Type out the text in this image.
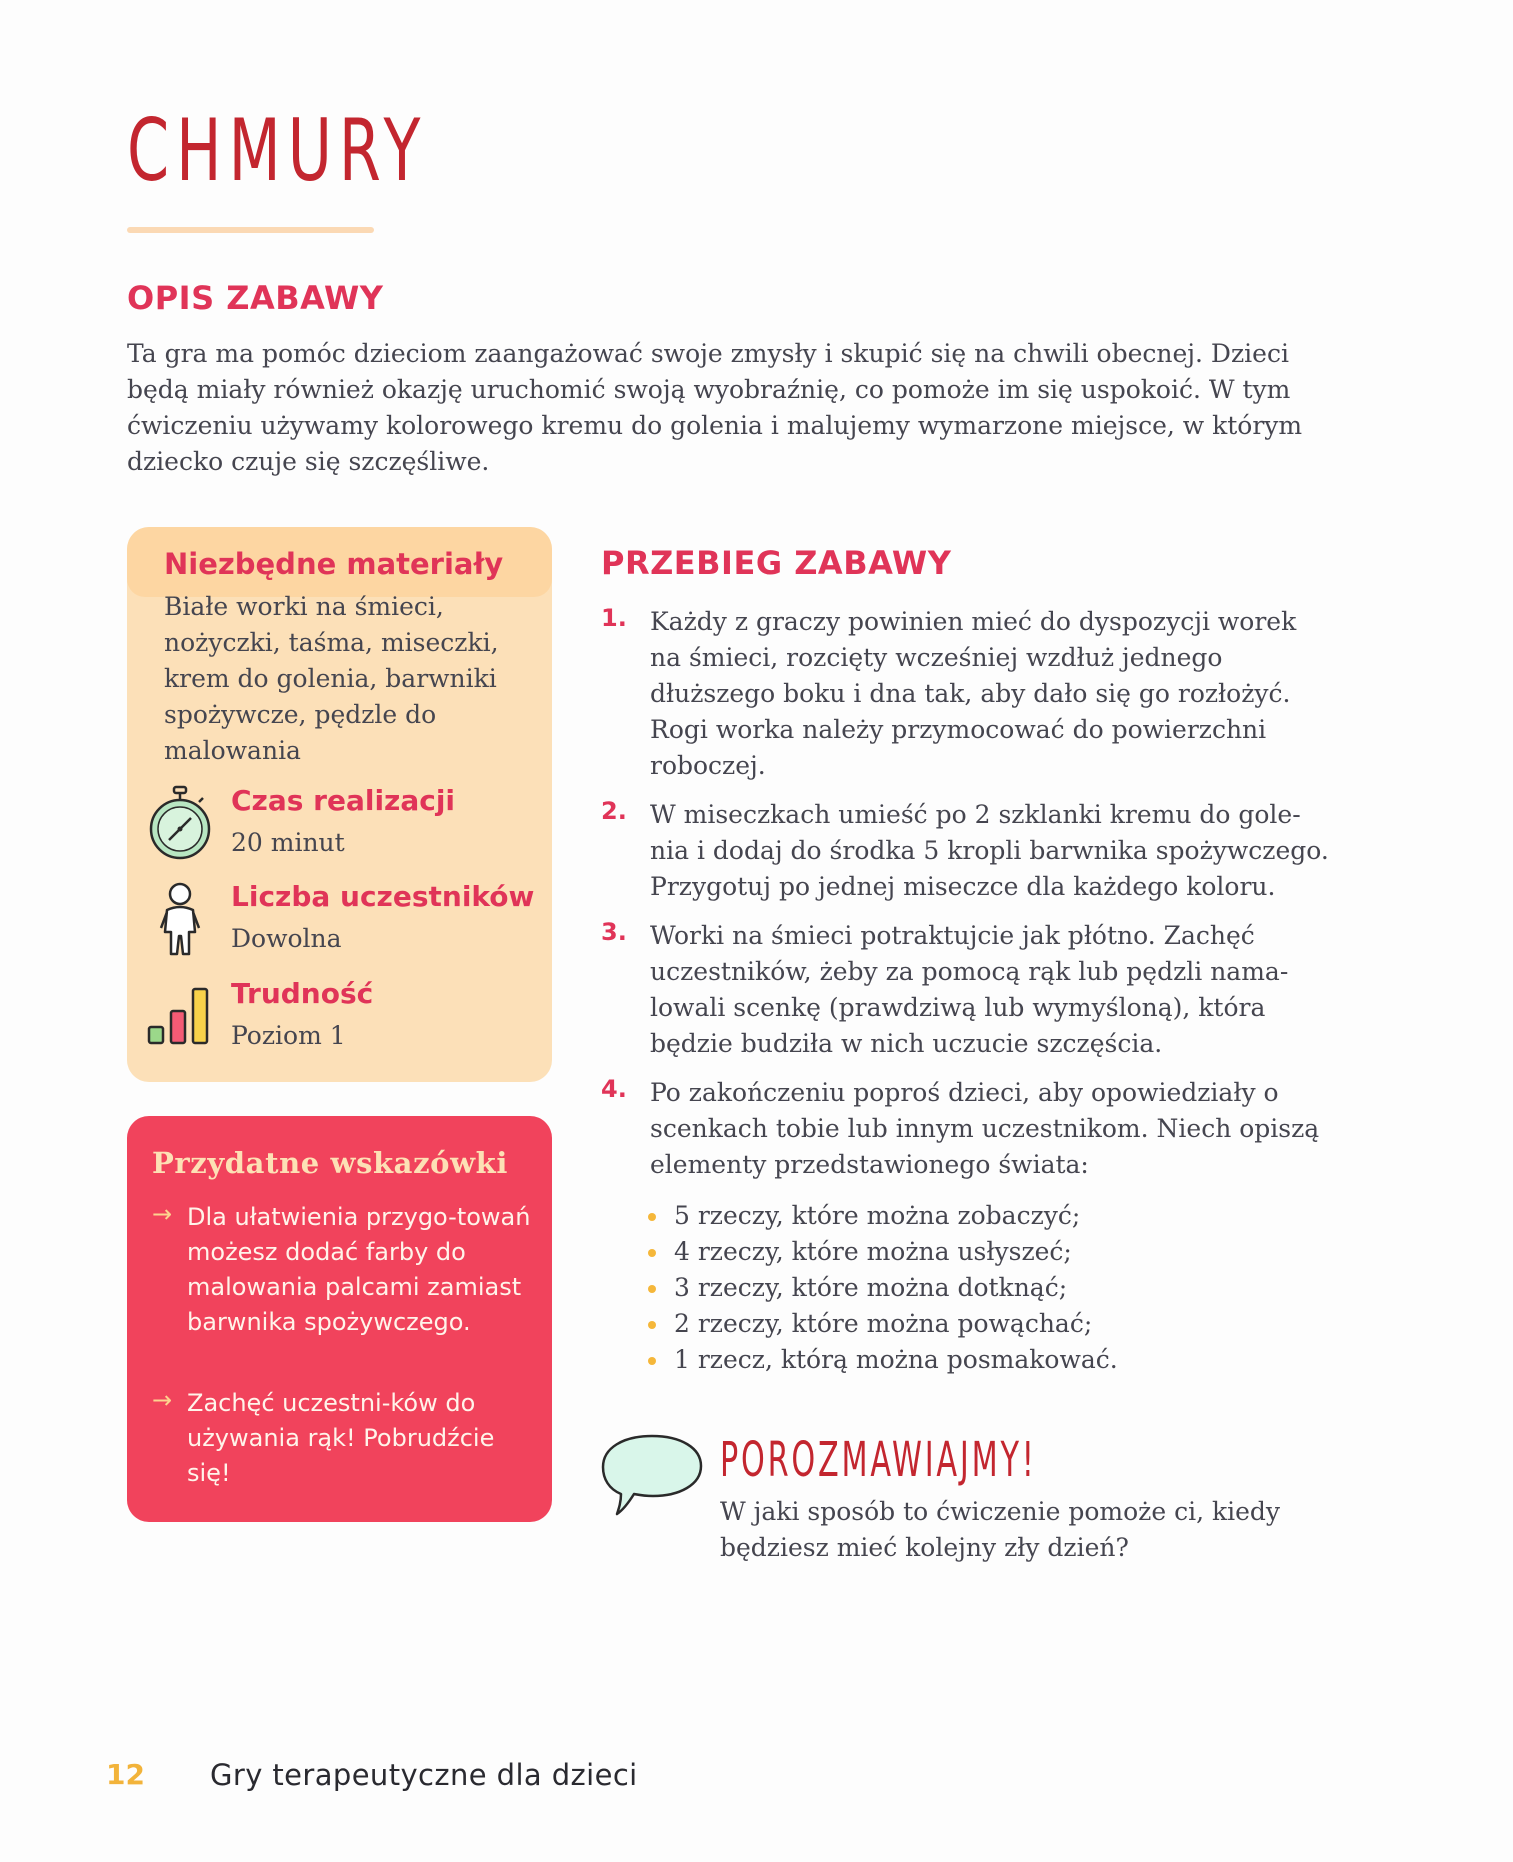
CHMURY
OPIS ZABAWY

Ta gra ma pomóc dzieciom zaangażować swoje zmysły i skupić się na chwili obecnej. Dzieci będą miały również okazję uruchomić swoją wyobraźnię, co pomoże im się uspokoić. W tym ćwiczeniu używamy kolorowego kremu do golenia i malujemy wymarzone miejsce, w którym dziecko czuje się szczęśliwe.

Niezbędne materiały

Białe worki na śmieci, nożyczki, taśma, miseczki, krem do golenia, barwniki spożywcze, pędzle do malowania

Czas realizacji
20 minut
Liczba uczestników
Dowolna
Trudność
Poziom 1
Przydatne wskazówki
→ Dla ułatwienia przygo-towań możesz dodać farby do malowania palcami zamiast barwnika spożywczego.

→ Zachęć uczestni-ków do używania rąk! Pobrudźcie się!

PRZEBIEG ZABAWY
1. Każdy z graczy powinien mieć do dyspozycji worek na śmieci, rozcięty wcześniej wzdłuż jednego dłuższego boku i dna tak, aby dało się go rozłożyć. Rogi worka należy przymocować do powierzchni roboczej.

2. W miseczkach umieść po 2 szklanki kremu do gole-nia i dodaj do środka 5 kropli barwnika spożywczego. Przygotuj po jednej miseczce dla każdego koloru.

3. Worki na śmieci potraktujcie jak płótno. Zachęć uczestników, żeby za pomocą rąk lub pędzli nama-lowali scenkę (prawdziwą lub wymyśloną), która będzie budziła w nich uczucie szczęścia.

4. Po zakończeniu poproś dzieci, aby opowiedziały o scenkach tobie lub innym uczestnikom. Niech opiszą elementy przedstawionego świata:

5 rzeczy, które można zobaczyć;
4 rzeczy, które można usłyszeć;
3 rzeczy, które można dotknąć;
2 rzeczy, które można powąchać;
1 rzecz, którą można posmakować.
POROZMAWIAJMY!

W jaki sposób to ćwiczenie pomoże ci, kiedy będziesz mieć kolejny zły dzień?

12 Gry terapeutyczne dla dzieci
